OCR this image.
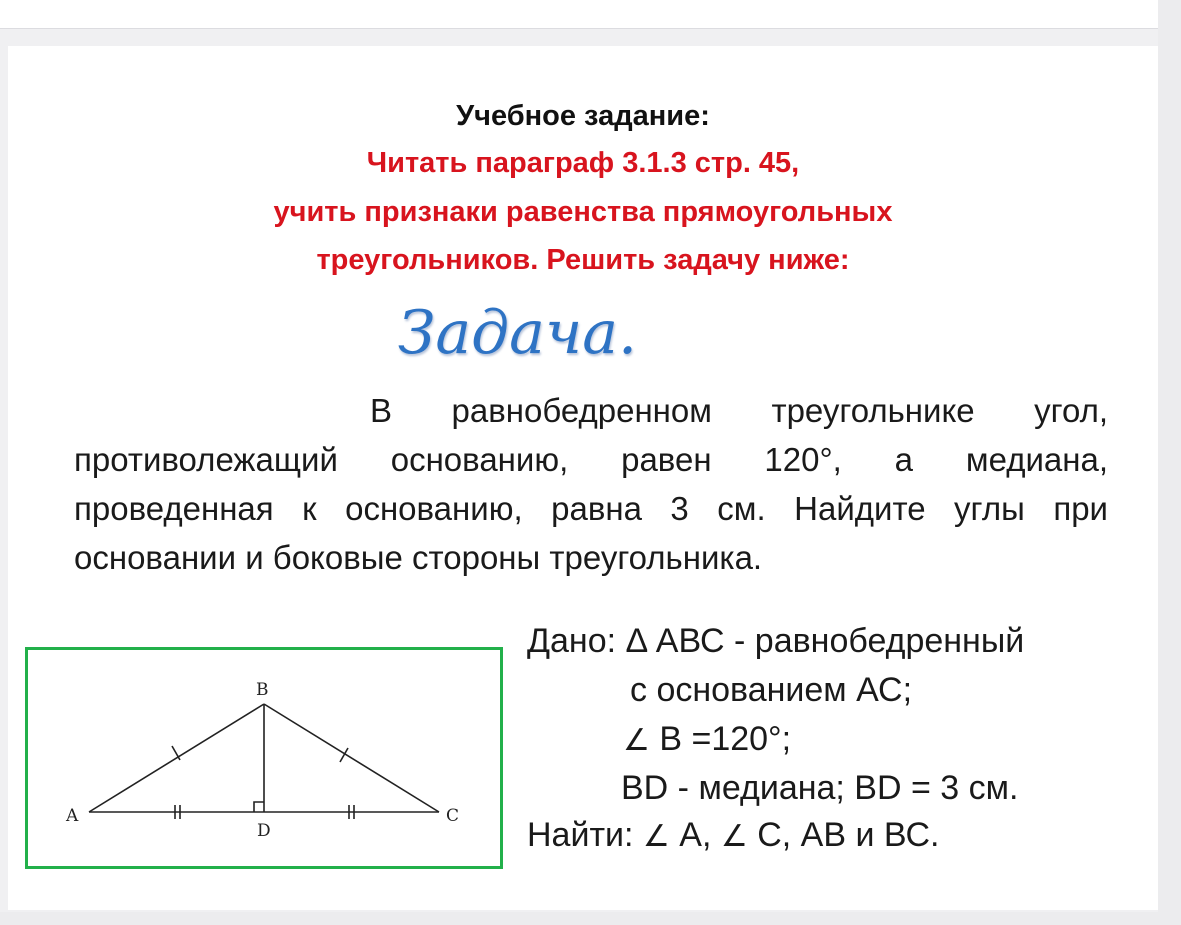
Учебное задание:
Читать параграф 3.1.3 стр. 45,
учить признаки равенства прямоугольных
треугольников. Решить задачу ниже:
Задача.
В равнобедренном треугольнике угол,
противолежащий основанию, равен 120°, а медиана,
проведенная к основанию, равна 3 см. Найдите углы при
основании и боковые стороны треугольника.
A
B
C
D
Дано: Δ АВС - равнобедренный
с основанием АС;
∠ В =120°;
BD - медиана; BD = 3 см.
Найти: ∠ А, ∠ С, АВ и ВС.
